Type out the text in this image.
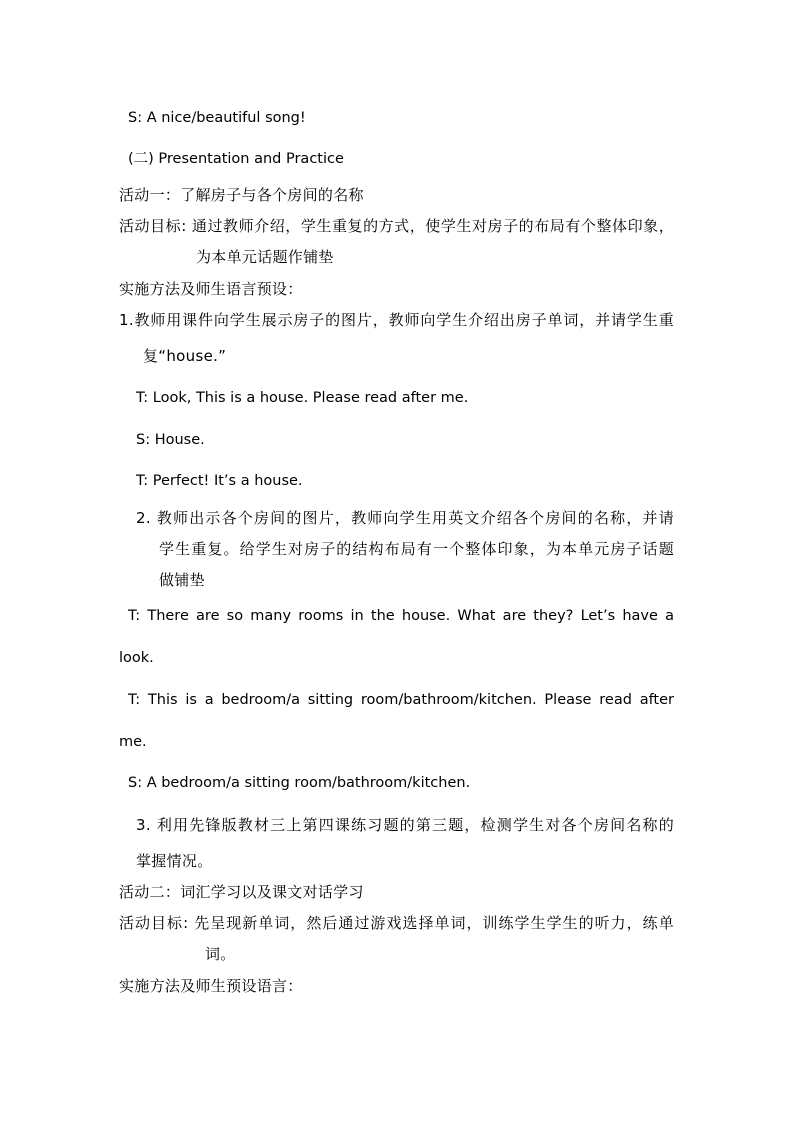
S: A nice/beautiful song!
(二) Presentation and Practice
活动一：了解房子与各个房间的名称
活动目标: 通过教师介绍，学生重复的方式，使学生对房子的布局有个整体印象，
为本单元话题作铺垫
实施方法及师生语言预设：
1.教师用课件向学生展示房子的图片，教师向学生介绍出房子单词，并请学生重
复“house.”
T: Look, This is a house. Please read after me.
S: House.
T: Perfect! It’s a house.
2. 教师出示各个房间的图片，教师向学生用英文介绍各个房间的名称，并请
学生重复。给学生对房子的结构布局有一个整体印象，为本单元房子话题
做铺垫
T: There are so many rooms in the house. What are they? Let’s have a
look.
T: This is a bedroom/a sitting room/bathroom/kitchen. Please read after
me.
S: A bedroom/a sitting room/bathroom/kitchen.
3. 利用先锋版教材三上第四课练习题的第三题，检测学生对各个房间名称的
掌握情况。
活动二：词汇学习以及课文对话学习
活动目标: 先呈现新单词，然后通过游戏选择单词，训练学生学生的听力，练单
词。
实施方法及师生预设语言：
